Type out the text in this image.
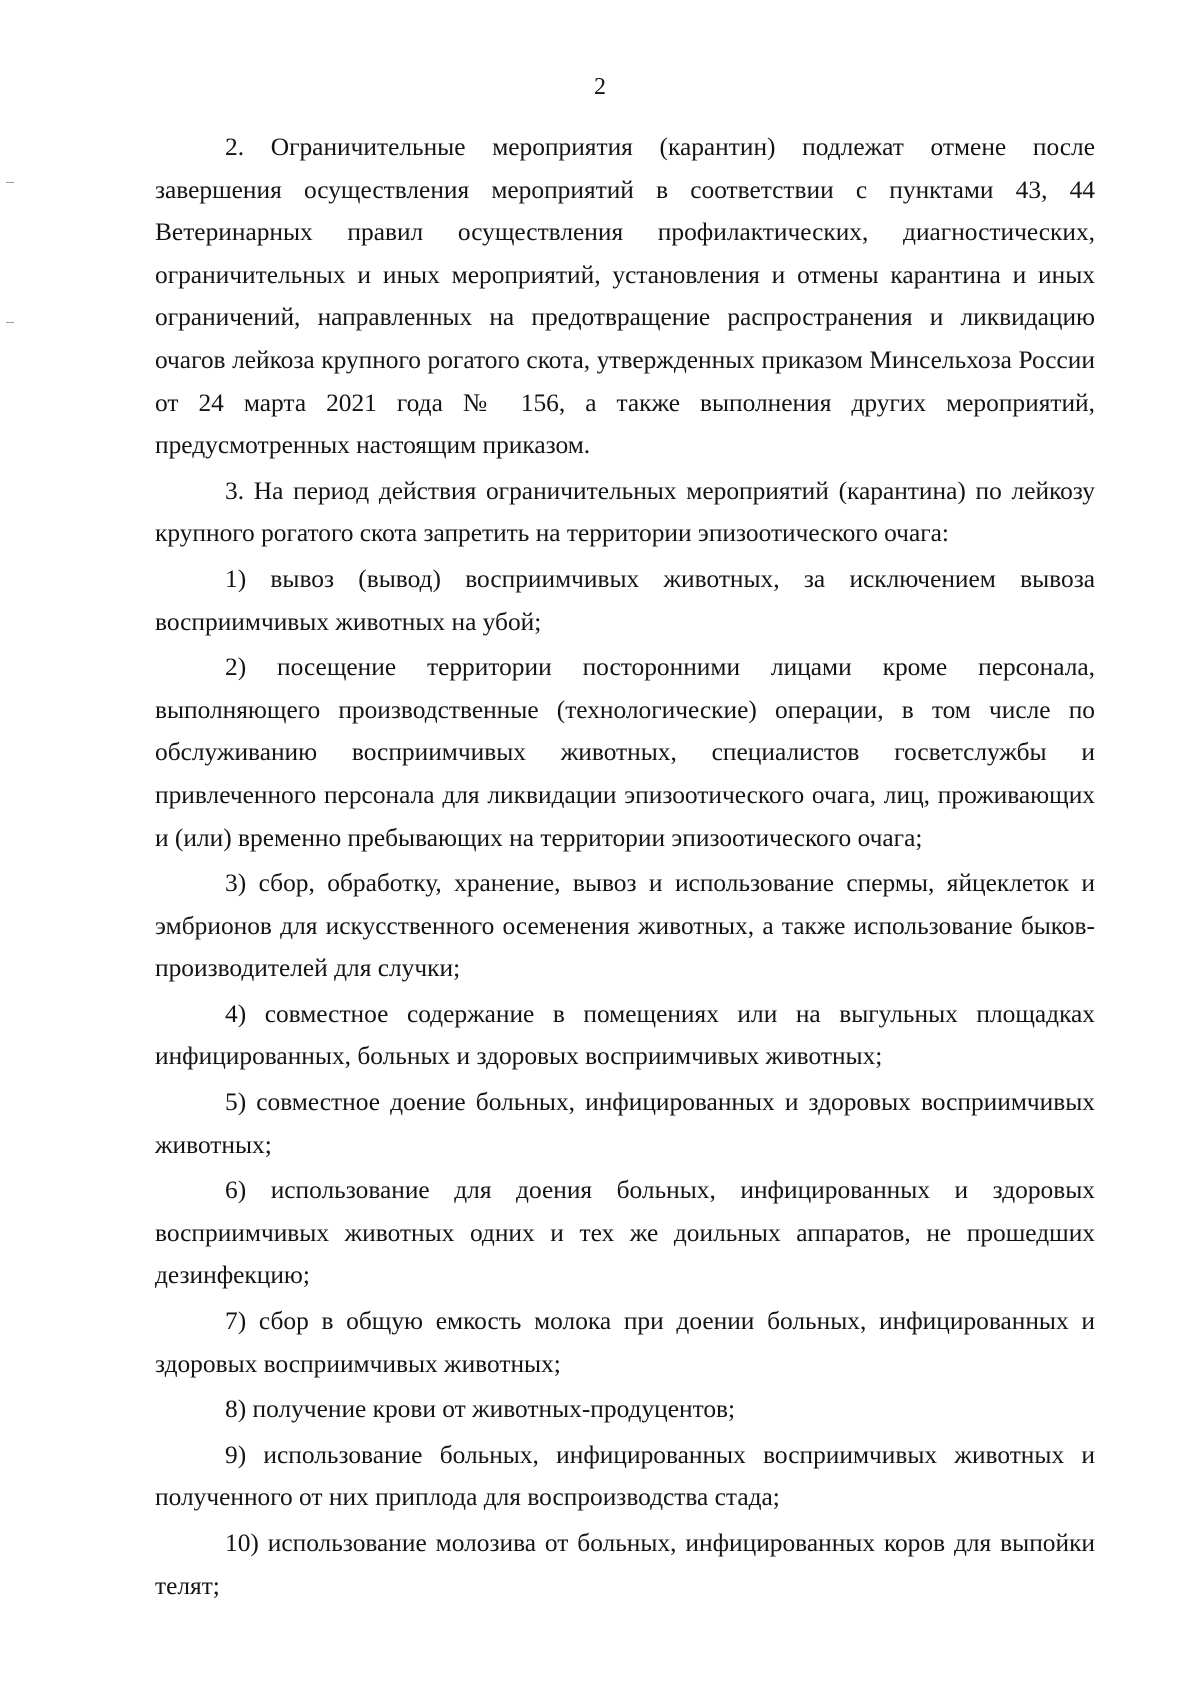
2

2. Ограничительные мероприятия (карантин) подлежат отмене после завершения осуществления мероприятий в соответствии с пунктами 43, 44 Ветеринарных правил осуществления профилактических, диагностических, ограничительных и иных мероприятий, установления и отмены карантина и иных ограничений, направленных на предотвращение распространения и ликвидацию очагов лейкоза крупного рогатого скота, утвержденных приказом Минсельхоза России от 24 марта 2021 года № 156, а также выполнения других мероприятий, предусмотренных настоящим приказом.

3. На период действия ограничительных мероприятий (карантина) по лейкозу крупного рогатого скота запретить на территории эпизоотического очага:

1) вывоз (вывод) восприимчивых животных, за исключением вывоза восприимчивых животных на убой;

2) посещение территории посторонними лицами кроме персонала, выполняющего производственные (технологические) операции, в том числе по обслуживанию восприимчивых животных, специалистов госветслужбы и привлеченного персонала для ликвидации эпизоотического очага, лиц, проживающих и (или) временно пребывающих на территории эпизоотического очага;

3) сбор, обработку, хранение, вывоз и использование спермы, яйцеклеток и эмбрионов для искусственного осеменения животных, а также использование быков-производителей для случки;

4) совместное содержание в помещениях или на выгульных площадках инфицированных, больных и здоровых восприимчивых животных;

5) совместное доение больных, инфицированных и здоровых восприимчивых животных;

6) использование для доения больных, инфицированных и здоровых восприимчивых животных одних и тех же доильных аппаратов, не прошедших дезинфекцию;

7) сбор в общую емкость молока при доении больных, инфицированных и здоровых восприимчивых животных;

8) получение крови от животных-продуцентов;

9) использование больных, инфицированных восприимчивых животных и полученного от них приплода для воспроизводства стада;

10) использование молозива от больных, инфицированных коров для выпойки телят;
